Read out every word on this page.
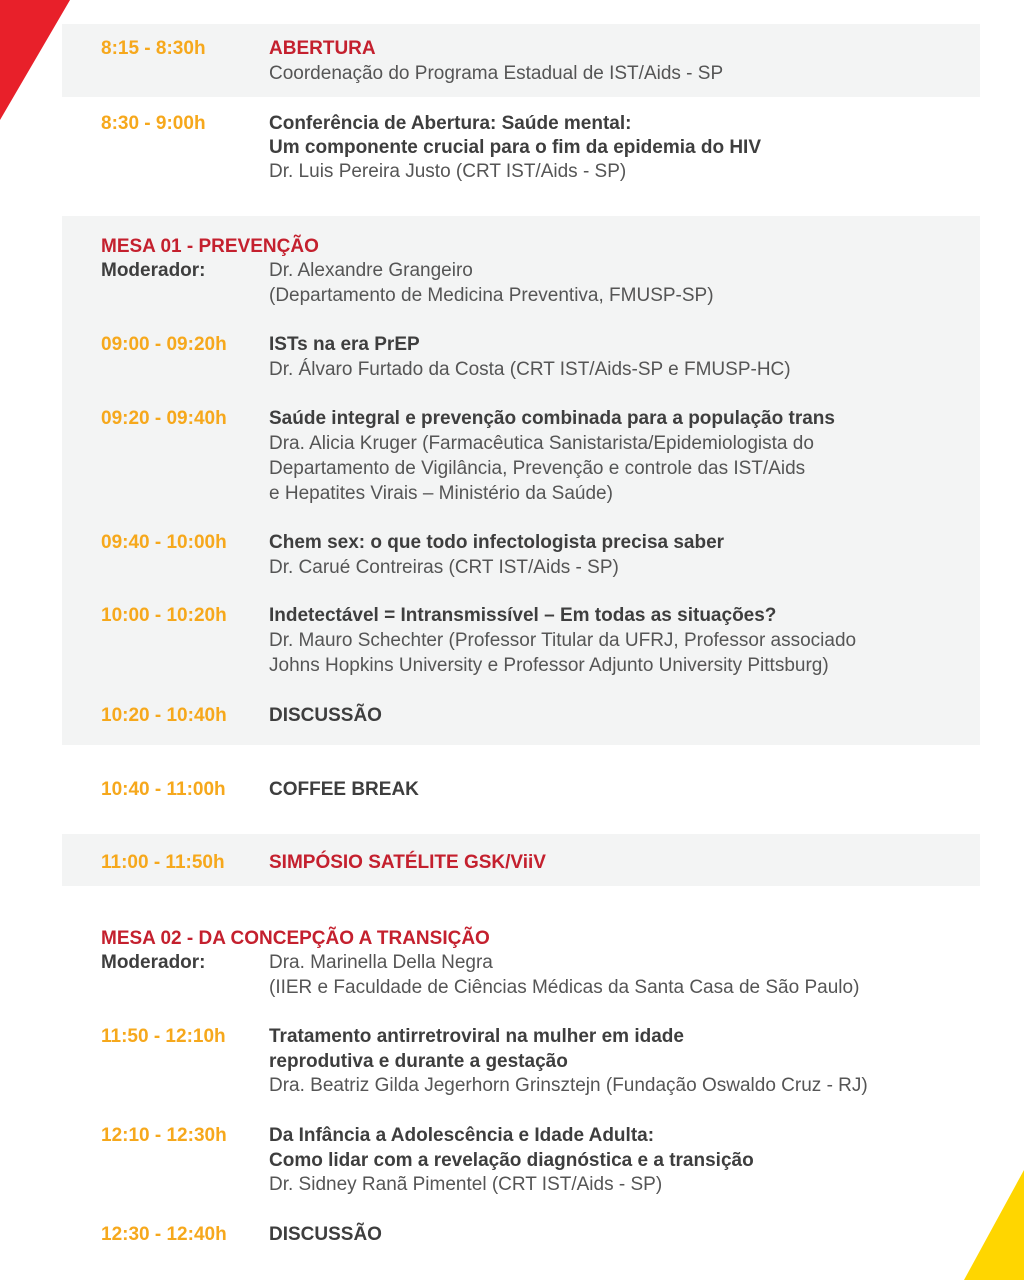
8:15 - 8:30h	ABERTURA
Coordenação do Programa Estadual de IST/Aids - SP
8:30 - 9:00h	Conferência de Abertura: Saúde mental:
Um componente crucial para o fim da epidemia do HIV
Dr. Luis Pereira Justo (CRT IST/Aids - SP)
MESA 01 - PREVENÇÃO
Moderador:	Dr. Alexandre Grangeiro
(Departamento de Medicina Preventiva, FMUSP-SP)
09:00 - 09:20h ISTs na era PrEP
Dr. Álvaro Furtado da Costa (CRT IST/Aids-SP e FMUSP-HC)
09:20 - 09:40h Saúde integral e prevenção combinada para a população trans
Dra. Alicia Kruger (Farmacêutica Sanistarista/Epidemiologista do
Departamento de Vigilância, Prevenção e controle das IST/Aids
e Hepatites Virais – Ministério da Saúde)
09:40 - 10:00h Chem sex: o que todo infectologista precisa saber
Dr. Carué Contreiras (CRT IST/Aids - SP)
10:00 - 10:20h Indetectável = Intransmissível – Em todas as situações?
Dr. Mauro Schechter (Professor Titular da UFRJ, Professor associado
Johns Hopkins University e Professor Adjunto University Pittsburg)
10:20 - 10:40h DISCUSSÃO
10:40 - 11:00h COFFEE BREAK
11:00 - 11:50h SIMPÓSIO SATÉLITE GSK/ViiV
MESA 02 - DA CONCEPÇÃO A TRANSIÇÃO
Moderador:	Dra. Marinella Della Negra
(IIER e Faculdade de Ciências Médicas da Santa Casa de São Paulo)
11:50 - 12:10h Tratamento antirretroviral na mulher em idade
reprodutiva e durante a gestação
Dra. Beatriz Gilda Jegerhorn Grinsztejn (Fundação Oswaldo Cruz - RJ)
12:10 - 12:30h Da Infância a Adolescência e Idade Adulta:
Como lidar com a revelação diagnóstica e a transição
Dr. Sidney Ranã Pimentel (CRT IST/Aids - SP)
12:30 - 12:40h DISCUSSÃO
